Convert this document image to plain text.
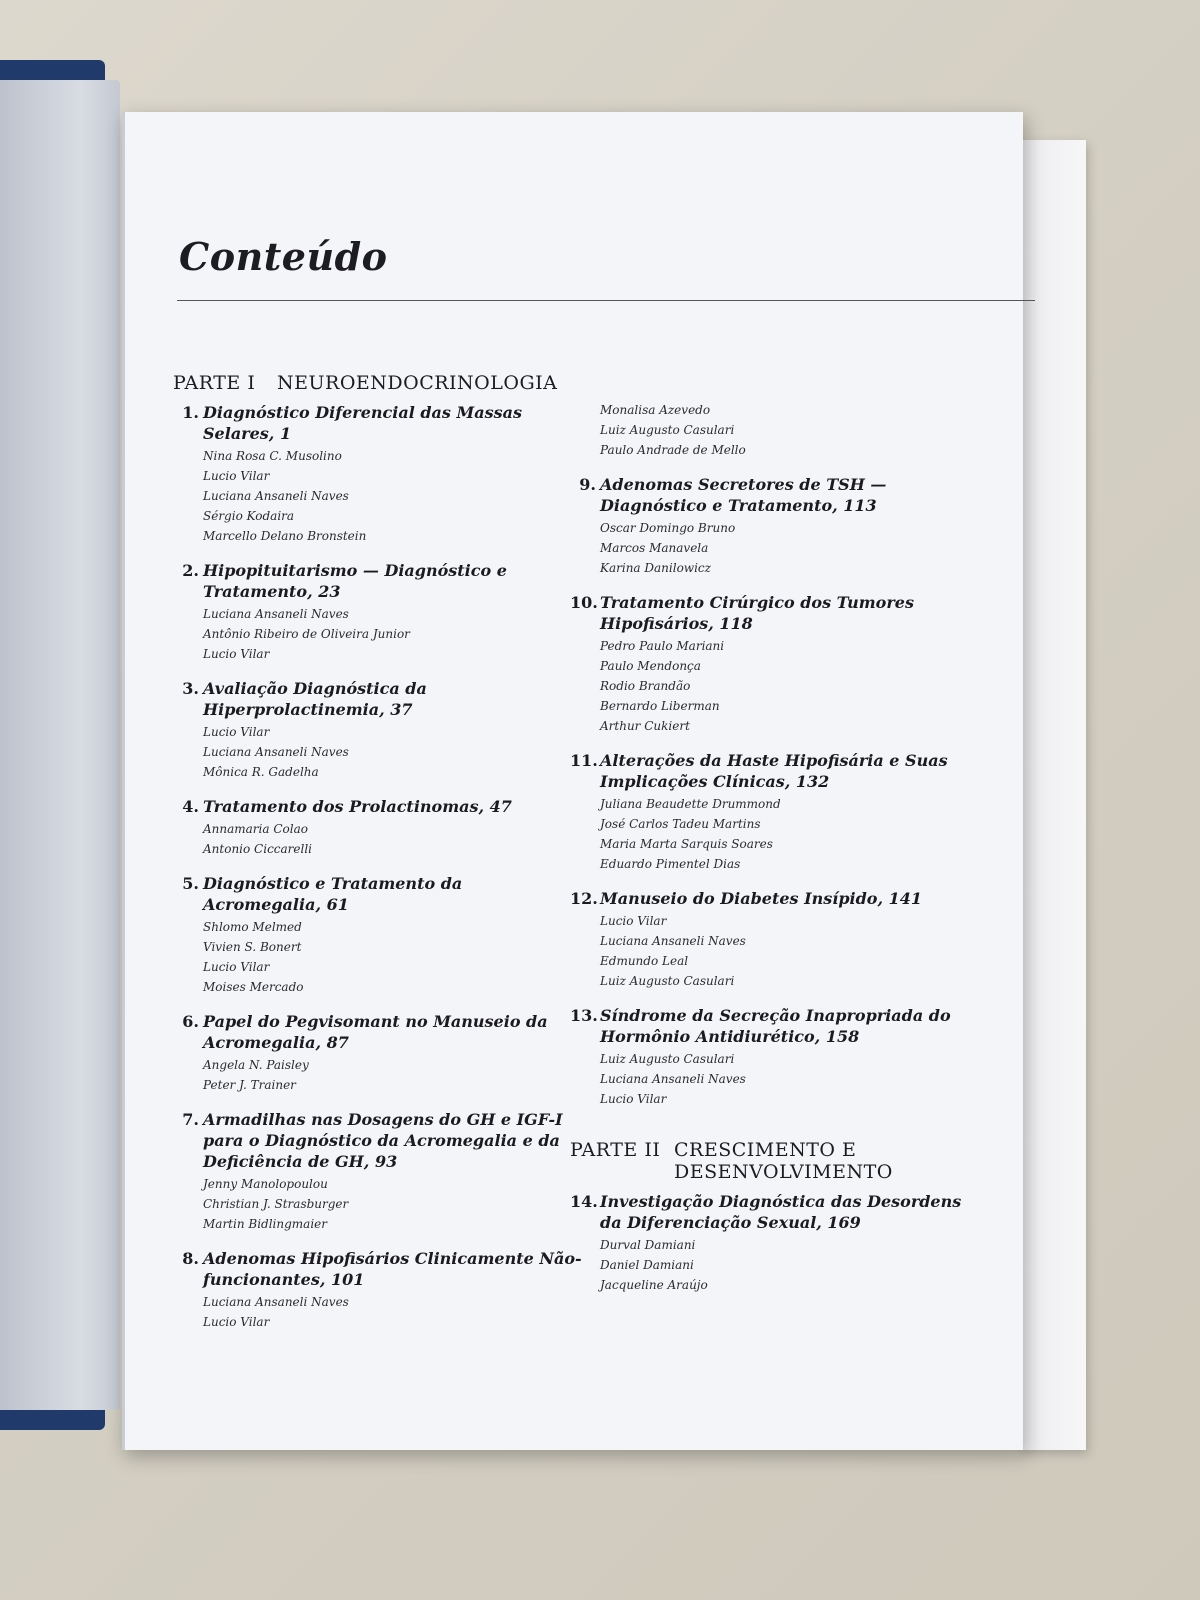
Conteúdo
PARTE I	NEUROENDOCRINOLOGIA
1. Diagnóstico Diferencial das Massas Selares, 1
Nina Rosa C. Musolino
Lucio Vilar
Luciana Ansaneli Naves
Sérgio Kodaira
Marcello Delano Bronstein
2. Hipopituitarismo — Diagnóstico e Tratamento, 23
Luciana Ansaneli Naves
Antônio Ribeiro de Oliveira Junior
Lucio Vilar
3. Avaliação Diagnóstica da Hiperprolactinemia, 37
Lucio Vilar
Luciana Ansaneli Naves
Mônica R. Gadelha
4. Tratamento dos Prolactinomas, 47
Annamaria Colao
Antonio Ciccarelli
5. Diagnóstico e Tratamento da Acromegalia, 61
Shlomo Melmed
Vivien S. Bonert
Lucio Vilar
Moises Mercado
6. Papel do Pegvisomant no Manuseio da Acromegalia, 87
Angela N. Paisley
Peter J. Trainer
7. Armadilhas nas Dosagens do GH e IGF-I para o Diagnóstico da Acromegalia e da Deficiência de GH, 93
Jenny Manolopoulou
Christian J. Strasburger
Martin Bidlingmaier
8. Adenomas Hipofisários Clinicamente Não-funcionantes, 101
Luciana Ansaneli Naves
Lucio Vilar
Monalisa Azevedo
Luiz Augusto Casulari
Paulo Andrade de Mello
9. Adenomas Secretores de TSH — Diagnóstico e Tratamento, 113
Oscar Domingo Bruno
Marcos Manavela
Karina Danilowicz
10. Tratamento Cirúrgico dos Tumores Hipofisários, 118
Pedro Paulo Mariani
Paulo Mendonça
Rodio Brandão
Bernardo Liberman
Arthur Cukiert
11. Alterações da Haste Hipofisária e Suas Implicações Clínicas, 132
Juliana Beaudette Drummond
José Carlos Tadeu Martins
Maria Marta Sarquis Soares
Eduardo Pimentel Dias
12. Manuseio do Diabetes Insípido, 141
Lucio Vilar
Luciana Ansaneli Naves
Edmundo Leal
Luiz Augusto Casulari
13. Síndrome da Secreção Inapropriada do Hormônio Antidiurético, 158
Luiz Augusto Casulari
Luciana Ansaneli Naves
Lucio Vilar
PARTE II CRESCIMENTO E DESENVOLVIMENTO
14. Investigação Diagnóstica das Desordens da Diferenciação Sexual, 169
Durval Damiani
Daniel Damiani
Jacqueline Araújo
